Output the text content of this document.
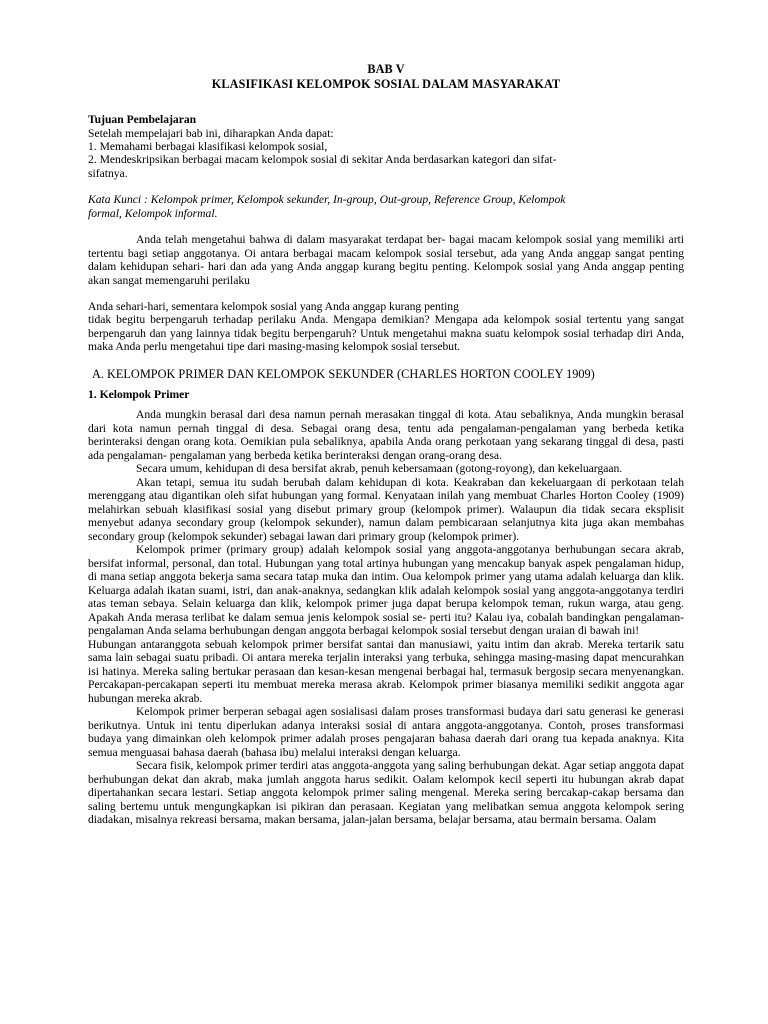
BAB V
KLASIFIKASI KELOMPOK SOSIAL DALAM MASYARAKAT
Tujuan Pembelajaran
Setelah mempelajari bab ini, diharapkan Anda dapat:
1. Memahami berbagai klasifikasi kelompok sosial,
2. Mendeskripsikan berbagai macam kelompok sosial di sekitar Anda berdasarkan kategori dan sifat-
sifatnya.
Kata Kunci : Kelompok primer, Kelompok sekunder, In-group, Out-group, Reference Group, Kelompok
formal, Kelompok informal.

Anda telah mengetahui bahwa di dalam masyarakat terdapat ber- bagai macam kelompok sosial yang memiliki arti tertentu bagi setiap anggotanya. Oi antara berbagai macam kelompok sosial tersebut, ada yang Anda anggap sangat penting dalam kehidupan sehari- hari dan ada yang Anda anggap kurang begitu penting. Kelompok sosial yang Anda anggap penting akan sangat memengaruhi perilaku

Anda sehari-hari, sementara kelompok sosial yang Anda anggap kurang penting

tidak begitu berpengaruh terhadap perilaku Anda. Mengapa demikian? Mengapa ada kelompok sosial tertentu yang sangat berpengaruh dan yang lainnya tidak begitu berpengaruh? Untuk mengetahui makna suatu kelompok sosial terhadap diri Anda, maka Anda perlu mengetahui tipe dari masing-masing kelompok sosial tersebut.

A. KELOMPOK PRIMER DAN KELOMPOK SEKUNDER (CHARLES HORTON COOLEY 1909)
1. Kelompok Primer

Anda mungkin berasal dari desa namun pernah merasakan tinggal di kota. Atau sebaliknya, Anda mungkin berasal dari kota namun pernah tinggal di desa. Sebagai orang desa, tentu ada pengalaman-pengalaman yang berbeda ketika berinteraksi dengan orang kota. Oemikian pula sebaliknya, apabila Anda orang perkotaan yang sekarang tinggal di desa, pasti ada pengalaman- pengalaman yang berbeda ketika berinteraksi dengan orang-orang desa.

Secara umum, kehidupan di desa bersifat akrab, penuh kebersamaan (gotong-royong), dan kekeluargaan.

Akan tetapi, semua itu sudah berubah dalam kehidupan di kota. Keakraban dan kekeluargaan di perkotaan telah merenggang atau digantikan oleh sifat hubungan yang formal. Kenyataan inilah yang membuat Charles Horton Cooley (1909) melahirkan sebuah klasifikasi sosial yang disebut primary group (kelompok primer). Walaupun dia tidak secara eksplisit menyebut adanya secondary group (kelompok sekunder), namun dalam pembicaraan selanjutnya kita juga akan membahas secondary group (kelompok sekunder) sebagai lawan dari primary group (kelompok primer).

Kelompok primer (primary group) adalah kelompok sosial yang anggota-anggotanya berhubungan secara akrab, bersifat informal, personal, dan total. Hubungan yang total artinya hubungan yang mencakup banyak aspek pengalaman hidup, di mana setiap anggota bekerja sama secara tatap muka dan intim. Oua kelompok primer yang utama adalah keluarga dan klik. Keluarga adalah ikatan suami, istri, dan anak-anaknya, sedangkan klik adalah kelompok sosial yang anggota-anggotanya terdiri atas teman sebaya. Selain keluarga dan klik, kelompok primer juga dapat berupa kelompok teman, rukun warga, atau geng. Apakah Anda merasa terlibat ke dalam semua jenis kelompok sosial se- perti itu? Kalau iya, cobalah bandingkan pengalaman-pengalaman Anda selama berhubungan dengan anggota berbagai kelompok sosial tersebut dengan uraian di bawah ini!

Hubungan antaranggota sebuah kelompok primer bersifat santai dan manusiawi, yaitu intim dan akrab. Mereka tertarik satu sama lain sebagai suatu pribadi. Oi antara mereka terjalin interaksi yang terbuka, sehingga masing-masing dapat mencurahkan isi hatinya. Mereka saling bertukar perasaan dan kesan-kesan mengenai berbagai hal, termasuk bergosip secara menyenangkan. Percakapan-percakapan seperti itu membuat mereka merasa akrab. Kelompok primer biasanya memiliki sedikit anggota agar hubungan mereka akrab.

Kelompok primer berperan sebagai agen sosialisasi dalam proses transformasi budaya dari satu generasi ke generasi berikutnya. Untuk ini tentu diperlukan adanya interaksi sosial di antara anggota-anggotanya. Contoh, proses transformasi budaya yang dimainkan oleh kelompok primer adalah proses pengajaran bahasa daerah dari orang tua kepada anaknya. Kita semua menguasai bahasa daerah (bahasa ibu) melalui interaksi dengan keluarga.

Secara fisik, kelompok primer terdiri atas anggota-anggota yang saling berhubungan dekat. Agar setiap anggota dapat berhubungan dekat dan akrab, maka jumlah anggota harus sedikit. Oalam kelompok kecil seperti itu hubungan akrab dapat dipertahankan secara lestari. Setiap anggota kelompok primer saling mengenal. Mereka sering bercakap-cakap bersama dan saling bertemu untuk mengungkapkan isi pikiran dan perasaan. Kegiatan yang melibatkan semua anggota kelompok sering diadakan, misalnya rekreasi bersama, makan bersama, jalan-jalan bersama, belajar bersama, atau bermain bersama. Oalam
